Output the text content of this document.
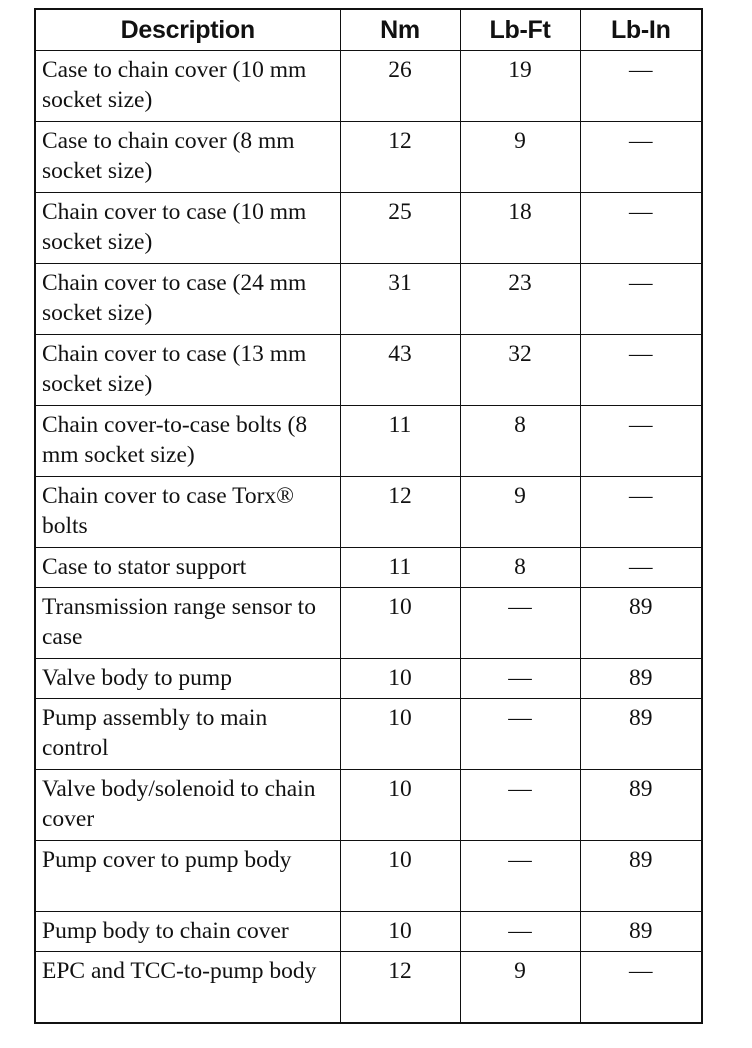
Description	Nm	Lb-Ft	Lb-In
Case to chain cover (10 mm socket size)	26	19	—
Case to chain cover (8 mm socket size)	12	9	—
Chain cover to case (10 mm socket size)	25	18	—
Chain cover to case (24 mm socket size)	31	23	—
Chain cover to case (13 mm socket size)	43	32	—
Chain cover-to-case bolts (8 mm socket size)	11	8	—
Chain cover to case Torx® bolts	12	9	—
Case to stator support	11	8	—
Transmission range sensor to case	10	—	89
Valve body to pump	10	—	89
Pump assembly to main control	10	—	89
Valve body/solenoid to chain cover	10	—	89
Pump cover to pump body	10	—	89
Pump body to chain cover	10	—	89
EPC and TCC-to-pump body	12	9	—
